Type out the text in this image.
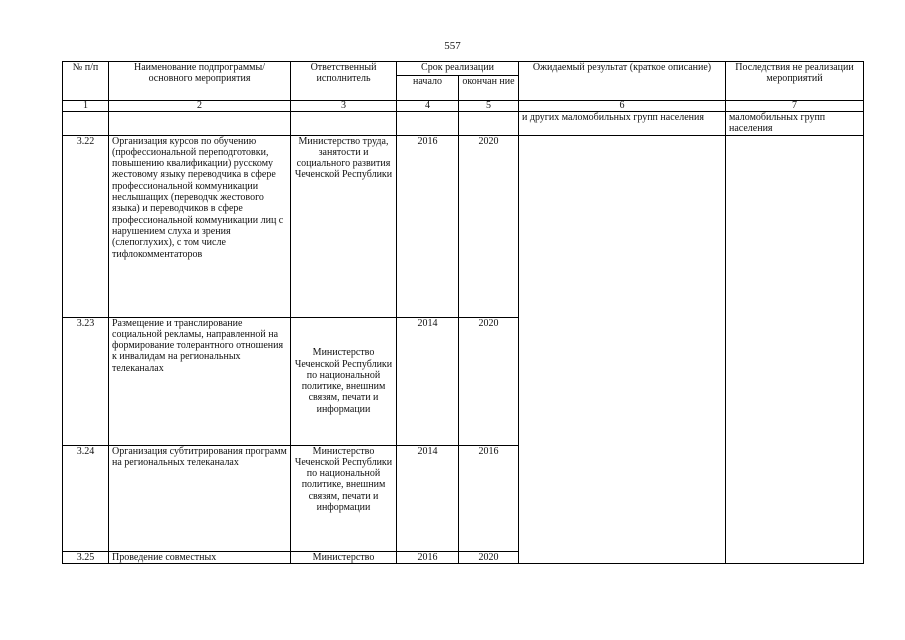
557
№ п/п	Наименование подпрограммы/ основного мероприятия	Ответственный исполнитель	Срок реализации		Ожидаемый результат (краткое описание)	Последствия не реализации мероприятий
			начало	окончан ние		
1	2	3	4	5	6	7
					и других маломобильных групп населения	маломобильных групп населения
3.22	Организация курсов по обучению (профессиональной переподготовки, повышению квалификации) русскому жестовому языку переводчика в сфере профессиональной коммуникации неслышащих (переводчк жестового языка) и переводчиков в сфере профессиональной коммуникации лиц с нарушением слуха и зрения (слепоглухих), с том числе тифлокомментаторов	Министерство труда, занятости и социального развития Чеченской Республики	2016	2020		
3.23	Размещение и транслирование социальной рекламы, направленной на формирование толерантного отношения к инвалидам на региональных телеканалах	Министерство Чеченской Республики по национальной политике, внешним связям, печати и информации	2014	2020		
3.24	Организация субтитрирования программ на региональных телеканалах	Министерство Чеченской Республики по национальной политике, внешним связям, печати и информации	2014	2016		
3.25	Проведение совместных	Министерство	2016	2020		
